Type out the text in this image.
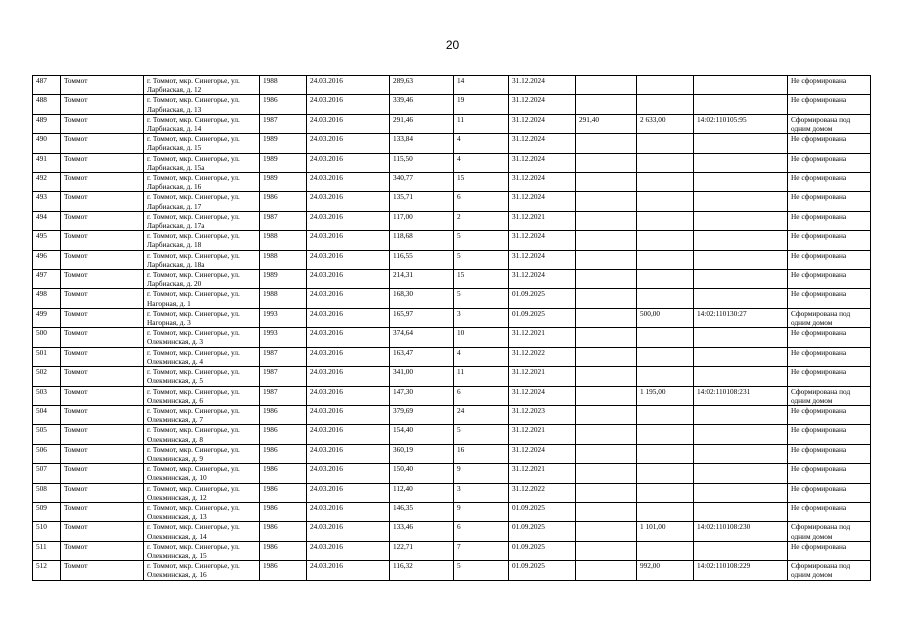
20
487	Томмот	г. Томмот, мкр. Синегорье, ул. Ларбиаская, д. 12	1988	24.03.2016	289,63	14	31.12.2024				Не сформирована
488	Томмот	г. Томмот, мкр. Синегорье, ул. Ларбиаская, д. 13	1986	24.03.2016	339,46	19	31.12.2024				Не сформирована
489	Томмот	г. Томмот, мкр. Синегорье, ул. Ларбиаская, д. 14	1987	24.03.2016	291,46	11	31.12.2024	291,40	2 633,00	14:02:110105:95	Сформирована под одним домом
490	Томмот	г. Томмот, мкр. Синегорье, ул. Ларбиаская, д. 15	1989	24.03.2016	133,84	4	31.12.2024				Не сформирована
491	Томмот	г. Томмот, мкр. Синегорье, ул. Ларбиаская, д. 15а	1989	24.03.2016	115,50	4	31.12.2024				Не сформирована
492	Томмот	г. Томмот, мкр. Синегорье, ул. Ларбиаская, д. 16	1989	24.03.2016	340,77	15	31.12.2024				Не сформирована
493	Томмот	г. Томмот, мкр. Синегорье, ул. Ларбиаская, д. 17	1986	24.03.2016	135,71	6	31.12.2024				Не сформирована
494	Томмот	г. Томмот, мкр. Синегорье, ул. Ларбиаская, д. 17а	1987	24.03.2016	117,00	2	31.12.2021				Не сформирована
495	Томмот	г. Томмот, мкр. Синегорье, ул. Ларбиаская, д. 18	1988	24.03.2016	118,68	5	31.12.2024				Не сформирована
496	Томмот	г. Томмот, мкр. Синегорье, ул. Ларбиаская, д. 18а	1988	24.03.2016	116,55	5	31.12.2024				Не сформирована
497	Томмот	г. Томмот, мкр. Синегорье, ул. Ларбиаская, д. 20	1989	24.03.2016	214,31	15	31.12.2024				Не сформирована
498	Томмот	г. Томмот, мкр. Синегорье, ул. Нагорная, д. 1	1988	24.03.2016	168,30	5	01.09.2025				Не сформирована
499	Томмот	г. Томмот, мкр. Синегорье, ул. Нагорная, д. 3	1993	24.03.2016	165,97	3	01.09.2025		500,00	14:02:110130:27	Сформирована под одним домом
500	Томмот	г. Томмот, мкр. Синегорье, ул. Олекминская, д. 3	1993	24.03.2016	374,64	10	31.12.2021				Не сформирована
501	Томмот	г. Томмот, мкр. Синегорье, ул. Олекминская, д. 4	1987	24.03.2016	163,47	4	31.12.2022				Не сформирована
502	Томмот	г. Томмот, мкр. Синегорье, ул. Олекминская, д. 5	1987	24.03.2016	341,00	11	31.12.2021				Не сформирована
503	Томмот	г. Томмот, мкр. Синегорье, ул. Олекминская, д. 6	1987	24.03.2016	147,30	6	31.12.2024		1 195,00	14:02:110108:231	Сформирована под одним домом
504	Томмот	г. Томмот, мкр. Синегорье, ул. Олекминская, д. 7	1986	24.03.2016	379,69	24	31.12.2023				Не сформирована
505	Томмот	г. Томмот, мкр. Синегорье, ул. Олекминская, д. 8	1986	24.03.2016	154,40	5	31.12.2021				Не сформирована
506	Томмот	г. Томмот, мкр. Синегорье, ул. Олекминская, д. 9	1986	24.03.2016	360,19	16	31.12.2024				Не сформирована
507	Томмот	г. Томмот, мкр. Синегорье, ул. Олекминская, д. 10	1986	24.03.2016	150,40	9	31.12.2021				Не сформирована
508	Томмот	г. Томмот, мкр. Синегорье, ул. Олекминская, д. 12	1986	24.03.2016	112,40	3	31.12.2022				Не сформирована
509	Томмот	г. Томмот, мкр. Синегорье, ул. Олекминская, д. 13	1986	24.03.2016	146,35	9	01.09.2025				Не сформирована
510	Томмот	г. Томмот, мкр. Синегорье, ул. Олекминская, д. 14	1986	24.03.2016	133,46	6	01.09.2025		1 101,00	14:02:110108:230	Сформирована под одним домом
511	Томмот	г. Томмот, мкр. Синегорье, ул. Олекминская, д. 15	1986	24.03.2016	122,71	7	01.09.2025				Не сформирована
512	Томмот	г. Томмот, мкр. Синегорье, ул. Олекминская, д. 16	1986	24.03.2016	116,32	5	01.09.2025		992,00	14:02:110108:229	Сформирована под одним домом
